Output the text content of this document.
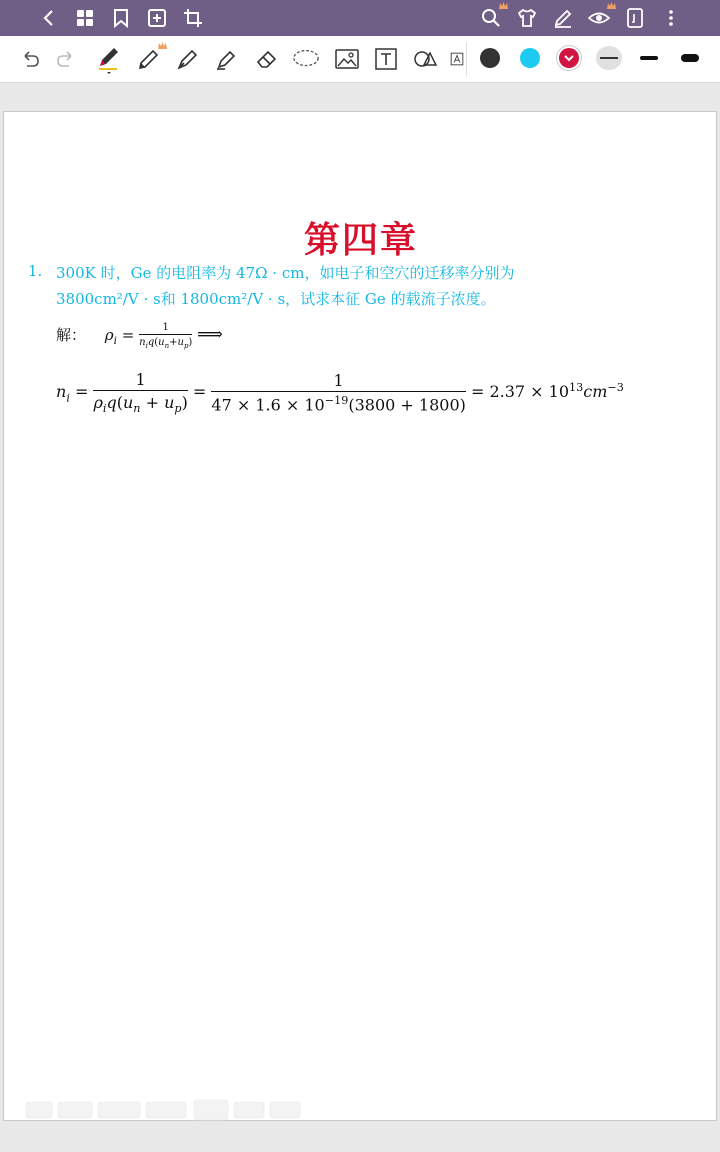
第四章
1. 300K 时，Ge 的电阻率为 47Ω · cm，如电子和空穴的迁移率分别为
3800cm²/V · s和 1800cm²/V · s，试求本征 Ge 的载流子浓度。
解： $\rho_i = \frac{1}{n_iq(u_n+u_p)}$ ⟹
$n_i = \frac{1}{\rho_iq(u_n + u_p)} = \frac{1}{47 \times 1.6 \times 10^{-19}(3800 + 1800)} = 2.37 \times 10^{13}cm^{-3}$
